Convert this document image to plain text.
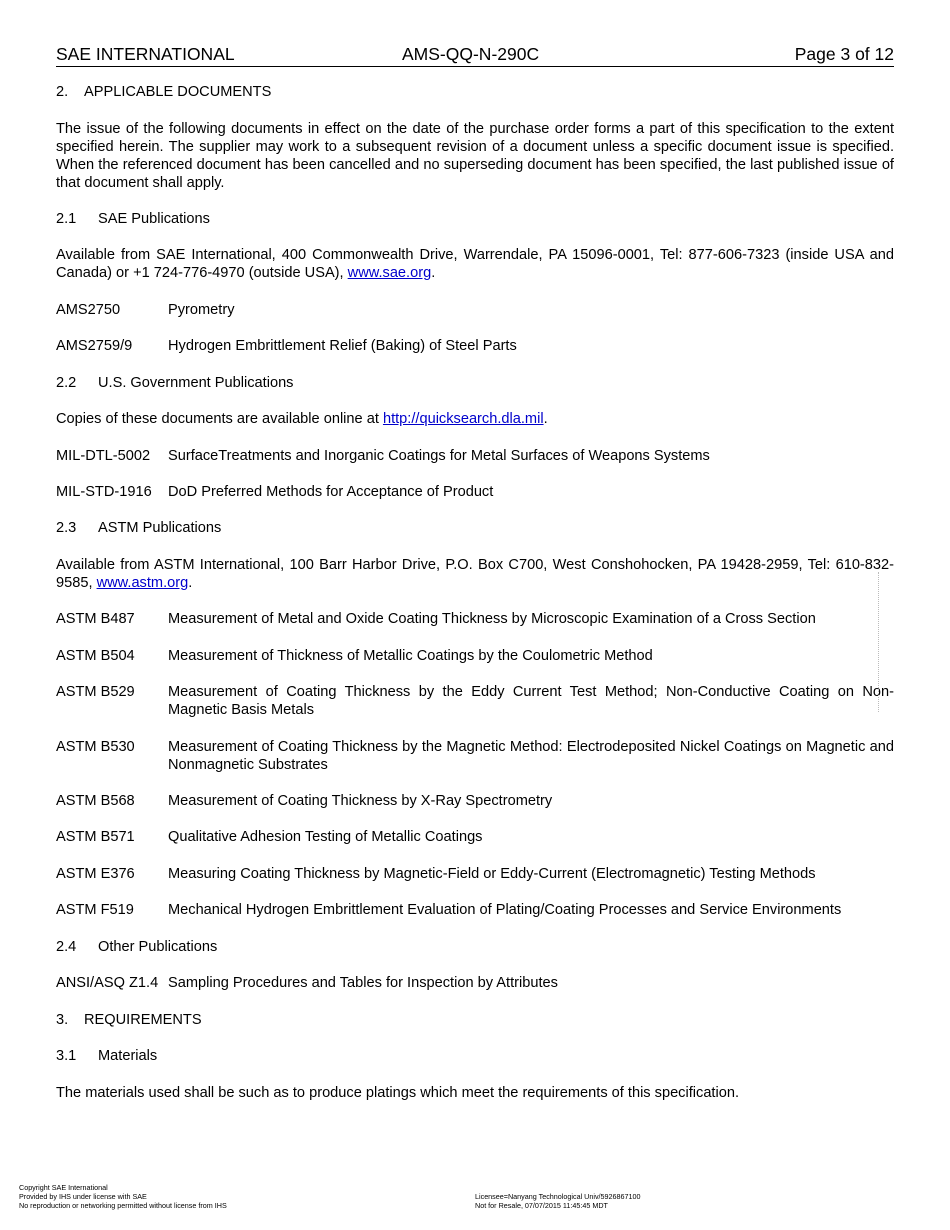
SAE INTERNATIONAL	AMS-QQ-N-290C	Page 3 of 12
2. APPLICABLE DOCUMENTS
The issue of the following documents in effect on the date of the purchase order forms a part of this specification to the extent specified herein. The supplier may work to a subsequent revision of a document unless a specific document issue is specified. When the referenced document has been cancelled and no superseding document has been specified, the last published issue of that document shall apply.
2.1 SAE Publications
Available from SAE International, 400 Commonwealth Drive, Warrendale, PA 15096-0001, Tel: 877-606-7323 (inside USA and Canada) or +1 724-776-4970 (outside USA), www.sae.org.
AMS2750	Pyrometry
AMS2759/9 Hydrogen Embrittlement Relief (Baking) of Steel Parts
2.2 U.S. Government Publications
Copies of these documents are available online at http://quicksearch.dla.mil.
MIL-DTL-5002 SurfaceTreatments and Inorganic Coatings for Metal Surfaces of Weapons Systems
MIL-STD-1916 DoD Preferred Methods for Acceptance of Product
2.3 ASTM Publications
Available from ASTM International, 100 Barr Harbor Drive, P.O. Box C700, West Conshohocken, PA 19428-2959, Tel: 610-832-9585, www.astm.org.
ASTM B487 Measurement of Metal and Oxide Coating Thickness by Microscopic Examination of a Cross Section
ASTM B504 Measurement of Thickness of Metallic Coatings by the Coulometric Method
ASTM B529 Measurement of Coating Thickness by the Eddy Current Test Method; Non-Conductive Coating on Non-Magnetic Basis Metals
ASTM B530 Measurement of Coating Thickness by the Magnetic Method: Electrodeposited Nickel Coatings on Magnetic and Nonmagnetic Substrates
ASTM B568 Measurement of Coating Thickness by X-Ray Spectrometry
ASTM B571 Qualitative Adhesion Testing of Metallic Coatings
ASTM E376 Measuring Coating Thickness by Magnetic-Field or Eddy-Current (Electromagnetic) Testing Methods
ASTM F519 Mechanical Hydrogen Embrittlement Evaluation of Plating/Coating Processes and Service Environments
2.4 Other Publications
ANSI/ASQ Z1.4 Sampling Procedures and Tables for Inspection by Attributes
3. REQUIREMENTS
3.1 Materials
The materials used shall be such as to produce platings which meet the requirements of this specification.
Copyright SAE International
Provided by IHS under license with SAE
No reproduction or networking permitted without license from IHS
Licensee=Nanyang Technological Univ/5926867100
Not for Resale, 07/07/2015 11:45:45 MDT
